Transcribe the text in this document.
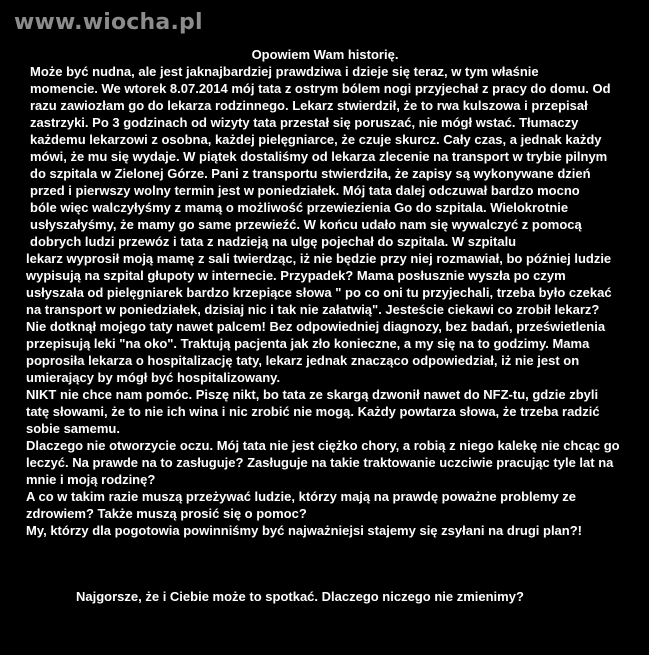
www.wiocha.pl

Opowiem Wam historię.

Może być nudna, ale jest jaknajbardziej prawdziwa i dzieje się teraz, w tym właśnie

momencie. We wtorek 8.07.2014 mój tata z ostrym bólem nogi przyjechał z pracy do domu. Od

razu zawiozłam go do lekarza rodzinnego. Lekarz stwierdził, że to rwa kulszowa i przepisał

zastrzyki. Po 3 godzinach od wizyty tata przestał się poruszać, nie mógł wstać. Tłumaczy

każdemu lekarzowi z osobna, każdej pielęgniarce, że czuje skurcz. Cały czas, a jednak każdy

mówi, że mu się wydaje. W piątek dostaliśmy od lekarza zlecenie na transport w trybie pilnym

do szpitala w Zielonej Górze. Pani z transportu stwierdziła, że zapisy są wykonywane dzień

przed i pierwszy wolny termin jest w poniedziałek. Mój tata dalej odczuwał bardzo mocno

bóle więc walczyłyśmy z mamą o możliwość przewiezienia Go do szpitala. Wielokrotnie

usłyszałyśmy, że mamy go same przewieźć. W końcu udało nam się wywalczyć z pomocą

dobrych ludzi przewóz i tata z nadzieją na ulgę pojechał do szpitala. W szpitalu

lekarz wyprosił moją mamę z sali twierdząc, iż nie będzie przy niej rozmawiał, bo później ludzie

wypisują na szpital głupoty w internecie. Przypadek? Mama posłusznie wyszła po czym

usłyszała od pielęgniarek bardzo krzepiące słowa " po co oni tu przyjechali, trzeba było czekać

na transport w poniedziałek, dzisiaj nic i tak nie załatwią". Jesteście ciekawi co zrobił lekarz?

Nie dotknął mojego taty nawet palcem! Bez odpowiedniej diagnozy, bez badań, prześwietlenia

przepisują leki "na oko". Traktują pacjenta jak zło konieczne, a my się na to godzimy. Mama

poprosiła lekarza o hospitalizację taty, lekarz jednak znacząco odpowiedział, iż nie jest on

umierający by mógł być hospitalizowany.

NIKT nie chce nam pomóc. Piszę nikt, bo tata ze skargą dzwonił nawet do NFZ-tu, gdzie zbyli

tatę słowami, że to nie ich wina i nic zrobić nie mogą. Każdy powtarza słowa, że trzeba radzić

sobie samemu.

Dlaczego nie otworzycie oczu. Mój tata nie jest ciężko chory, a robią z niego kalekę nie chcąc go

leczyć. Na prawde na to zasługuje? Zasługuje na takie traktowanie uczciwie pracując tyle lat na

mnie i moją rodzinę?

A co w takim razie muszą przeżywać ludzie, którzy mają na prawdę poważne problemy ze

zdrowiem? Także muszą prosić się o pomoc?

My, którzy dla pogotowia powinniśmy być najważniejsi stajemy się zsyłani na drugi plan?!

Najgorsze, że i Ciebie może to spotkać. Dlaczego niczego nie zmienimy?
